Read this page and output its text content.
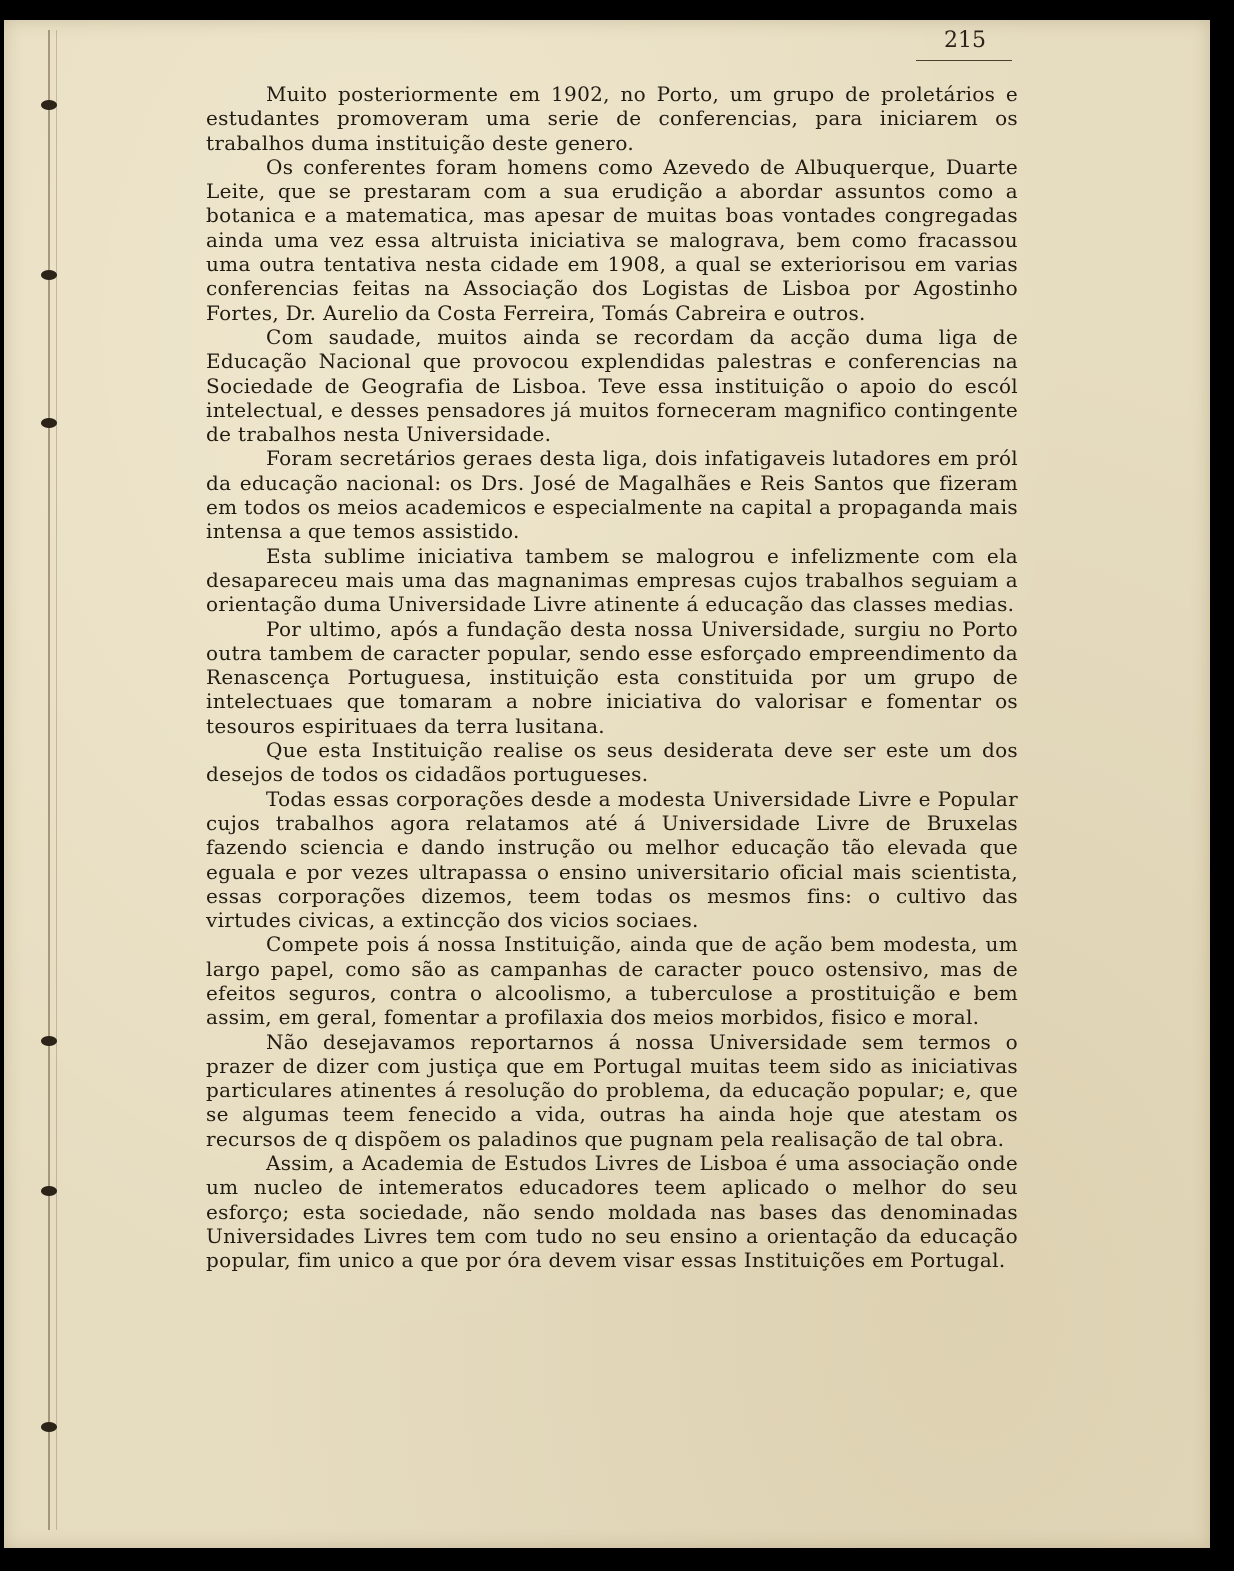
215

Muito posteriormente em 1902, no Porto, um grupo de proletários e estudantes promoveram uma serie de conferencias, para iniciarem os trabalhos duma instituição deste genero.

Os conferentes foram homens como Azevedo de Albuquerque, Duarte Leite, que se prestaram com a sua erudição a abordar assuntos como a botanica e a matematica, mas apesar de muitas boas vontades congregadas ainda uma vez essa altruista iniciativa se malograva, bem como fracassou uma outra tentativa nesta cidade em 1908, a qual se exteriorisou em varias conferencias feitas na Associação dos Logistas de Lisboa por Agostinho Fortes, Dr. Aurelio da Costa Ferreira, Tomás Cabreira e outros.

Com saudade, muitos ainda se recordam da acção duma liga de Educação Nacional que provocou explendidas palestras e conferencias na Sociedade de Geografia de Lisboa. Teve essa instituição o apoio do escól intelectual, e desses pensadores já muitos forneceram magnifico contingente de trabalhos nesta Universidade.

Foram secretários geraes desta liga, dois infatigaveis lutadores em pról da educação nacional: os Drs. José de Magalhães e Reis Santos que fizeram em todos os meios academicos e especialmente na capital a propaganda mais intensa a que temos assistido.

Esta sublime iniciativa tambem se malogrou e infelizmente com ela desapareceu mais uma das magnanimas empresas cujos trabalhos seguiam a orientação duma Universidade Livre atinente á educação das classes medias.

Por ultimo, após a fundação desta nossa Universidade, surgiu no Porto outra tambem de caracter popular, sendo esse esforçado empreendimento da Renascença Portuguesa, instituição esta constituida por um grupo de intelectuaes que tomaram a nobre iniciativa do valorisar e fomentar os tesouros espirituaes da terra lusitana.

Que esta Instituição realise os seus desiderata deve ser este um dos desejos de todos os cidadãos portugueses.

Todas essas corporações desde a modesta Universidade Livre e Popular cujos trabalhos agora relatamos até á Universidade Livre de Bruxelas fazendo sciencia e dando instrução ou melhor educação tão elevada que eguala e por vezes ultrapassa o ensino universitario oficial mais scientista, essas corporações dizemos, teem todas os mesmos fins: o cultivo das virtudes civicas, a extincção dos vicios sociaes.

Compete pois á nossa Instituição, ainda que de ação bem modesta, um largo papel, como são as campanhas de caracter pouco ostensivo, mas de efeitos seguros, contra o alcoolismo, a tuberculose a prostituição e bem assim, em geral, fomentar a profilaxia dos meios morbidos, fisico e moral.

Não desejavamos reportarnos á nossa Universidade sem termos o prazer de dizer com justiça que em Portugal muitas teem sido as iniciativas particulares atinentes á resolução do problema, da educação popular; e, que se algumas teem fenecido a vida, outras ha ainda hoje que atestam os recursos de q dispõem os paladinos que pugnam pela realisação de tal obra.

Assim, a Academia de Estudos Livres de Lisboa é uma associação onde um nucleo de intemeratos educadores teem aplicado o melhor do seu esforço; esta sociedade, não sendo moldada nas bases das denominadas Universidades Livres tem com tudo no seu ensino a orientação da educação popular, fim unico a que por óra devem visar essas Instituições em Portugal.
